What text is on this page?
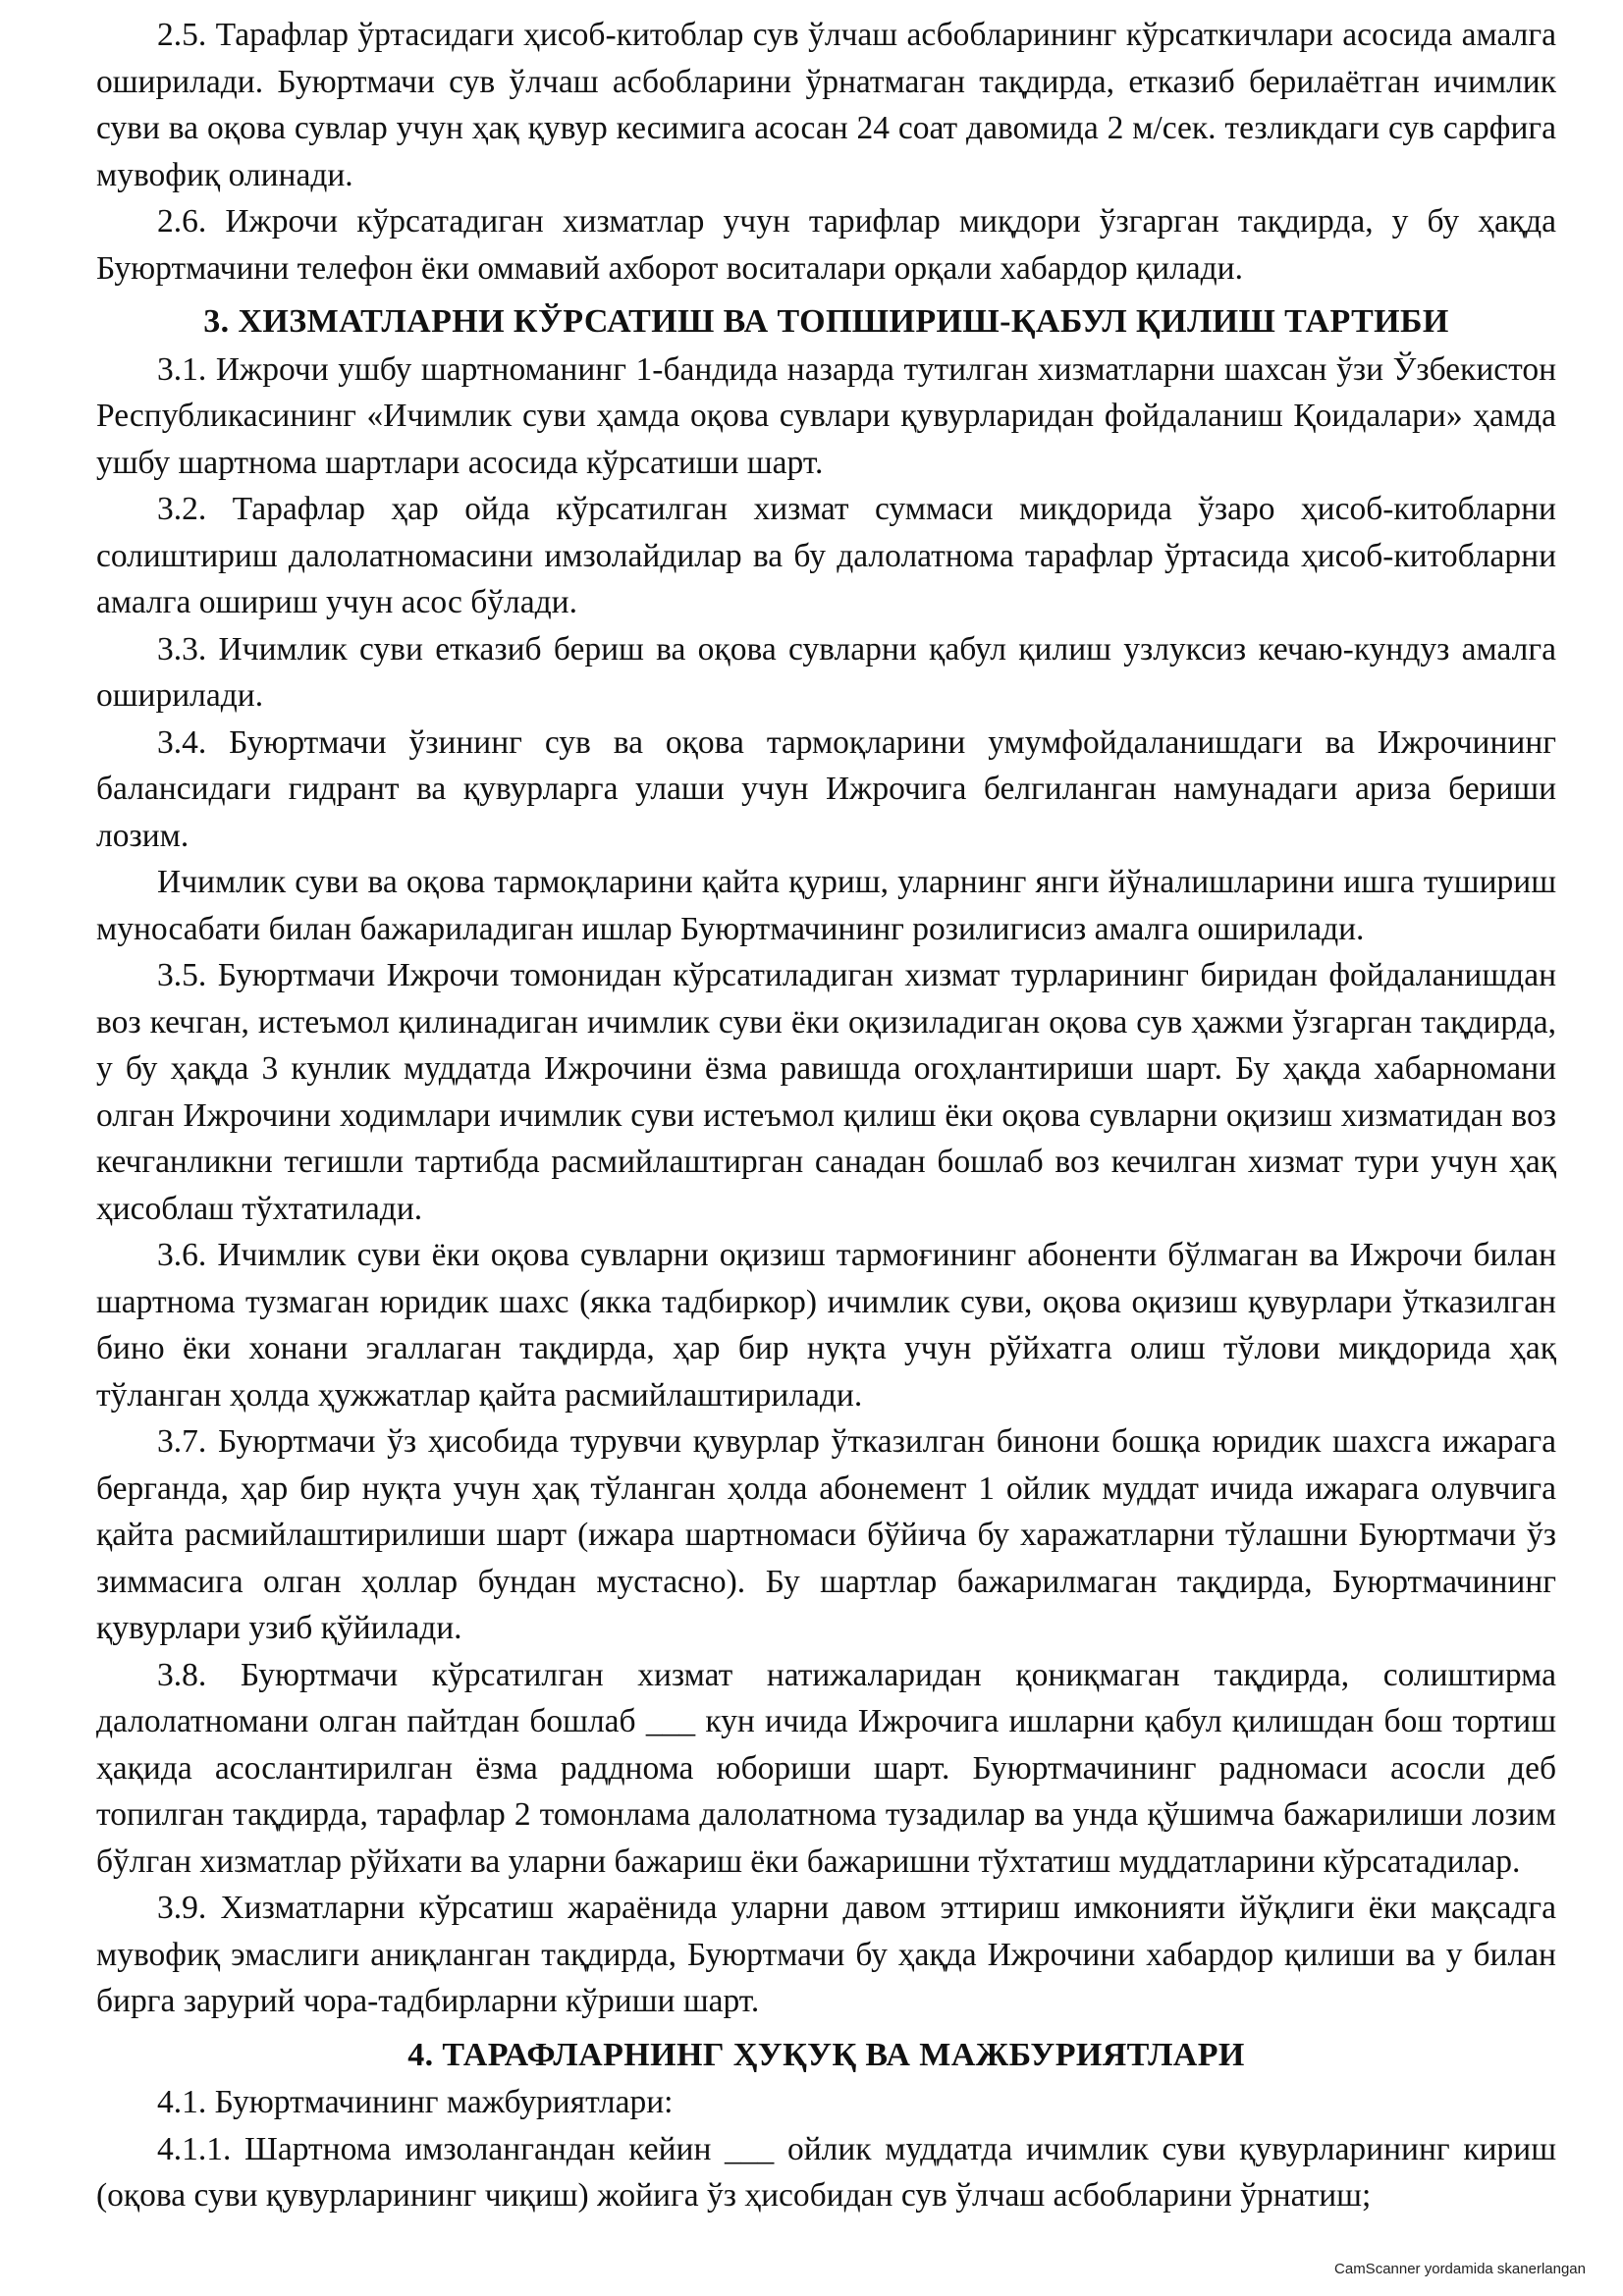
2.5. Тарафлар ўртасидаги ҳисоб-китоблар сув ўлчаш асбобларининг кўрсаткичлари асосида амалга оширилади. Буюртмачи сув ўлчаш асбобларини ўрнатмаган тақдирда, етказиб берилаётган ичимлик суви ва оқова сувлар учун ҳақ қувур кесимига асосан 24 соат давомида 2 м/сек. тезликдаги сув сарфига мувофиқ олинади.

2.6. Ижрочи кўрсатадиган хизматлар учун тарифлар миқдори ўзгарган тақдирда, у бу ҳақда Буюртмачини телефон ёки оммавий ахборот воситалари орқали хабардор қилади.

3. ХИЗМАТЛАРНИ КЎРСАТИШ ВА ТОПШИРИШ-ҚАБУЛ ҚИЛИШ ТАРТИБИ

3.1. Ижрочи ушбу шартноманинг 1-бандида назарда тутилган хизматларни шахсан ўзи Ўзбекистон Республикасининг «Ичимлик суви ҳамда оқова сувлари қувурларидан фойдаланиш Қоидалари» ҳамда ушбу шартнома шартлари асосида кўрсатиши шарт.

3.2. Тарафлар ҳар ойда кўрсатилган хизмат суммаси миқдорида ўзаро ҳисоб-китобларни солиштириш далолатномасини имзолайдилар ва бу далолатнома тарафлар ўртасида ҳисоб-китобларни амалга ошириш учун асос бўлади.

3.3. Ичимлик суви етказиб бериш ва оқова сувларни қабул қилиш узлуксиз кечаю-кундуз амалга оширилади.

3.4. Буюртмачи ўзининг сув ва оқова тармоқларини умумфойдаланишдаги ва Ижрочининг балансидаги гидрант ва қувурларга улаши учун Ижрочига белгиланган намунадаги ариза бериши лозим.

Ичимлик суви ва оқова тармоқларини қайта қуриш, уларнинг янги йўналишларини ишга тушириш муносабати билан бажариладиган ишлар Буюртмачининг розилигисиз амалга оширилади.

3.5. Буюртмачи Ижрочи томонидан кўрсатиладиган хизмат турларининг биридан фойдаланишдан воз кечган, истеъмол қилинадиган ичимлик суви ёки оқизиладиган оқова сув ҳажми ўзгарган тақдирда, у бу ҳақда 3 кунлик муддатда Ижрочини ёзма равишда огоҳлантириши шарт. Бу ҳақда хабарномани олган Ижрочини ходимлари ичимлик суви истеъмол қилиш ёки оқова сувларни оқизиш хизматидан воз кечганликни тегишли тартибда расмийлаштирган санадан бошлаб воз кечилган хизмат тури учун ҳақ ҳисоблаш тўхтатилади.

3.6. Ичимлик суви ёки оқова сувларни оқизиш тармоғининг абоненти бўлмаган ва Ижрочи билан шартнома тузмаган юридик шахс (якка тадбиркор) ичимлик суви, оқова оқизиш қувурлари ўтказилган бино ёки хонани эгаллаган тақдирда, ҳар бир нуқта учун рўйхатга олиш тўлови миқдорида ҳақ тўланган ҳолда ҳужжатлар қайта расмийлаштирилади.

3.7. Буюртмачи ўз ҳисобида турувчи қувурлар ўтказилган бинони бошқа юридик шахсга ижарага берганда, ҳар бир нуқта учун ҳақ тўланган ҳолда абонемент 1 ойлик муддат ичида ижарага олувчига қайта расмийлаштирилиши шарт (ижара шартномаси бўйича бу харажатларни тўлашни Буюртмачи ўз зиммасига олган ҳоллар бундан мустасно). Бу шартлар бажарилмаган тақдирда, Буюртмачининг қувурлари узиб қўйилади.

3.8. Буюртмачи кўрсатилган хизмат натижаларидан қониқмаган тақдирда, солиштирма далолатномани олган пайтдан бошлаб ___ кун ичида Ижрочига ишларни қабул қилишдан бош тортиш ҳақида асослантирилган ёзма радднома юбориши шарт. Буюртмачининг радномаси асосли деб топилган тақдирда, тарафлар 2 томонлама далолатнома тузадилар ва унда қўшимча бажарилиши лозим бўлган хизматлар рўйхати ва уларни бажариш ёки бажаришни тўхтатиш муддатларини кўрсатадилар.

3.9. Хизматларни кўрсатиш жараёнида уларни давом эттириш имконияти йўқлиги ёки мақсадга мувофиқ эмаслиги аниқланган тақдирда, Буюртмачи бу ҳақда Ижрочини хабардор қилиши ва у билан бирга зарурий чора-тадбирларни кўриши шарт.

4. ТАРАФЛАРНИНГ ҲУҚУҚ ВА МАЖБУРИЯТЛАРИ

4.1. Буюртмачининг мажбуриятлари:

4.1.1. Шартнома имзолангандан кейин ___ ойлик муддатда ичимлик суви қувурларининг кириш (оқова суви қувурларининг чиқиш) жойига ўз ҳисобидан сув ўлчаш асбобларини ўрнатиш;

CamScanner yordamida skanerlangan
